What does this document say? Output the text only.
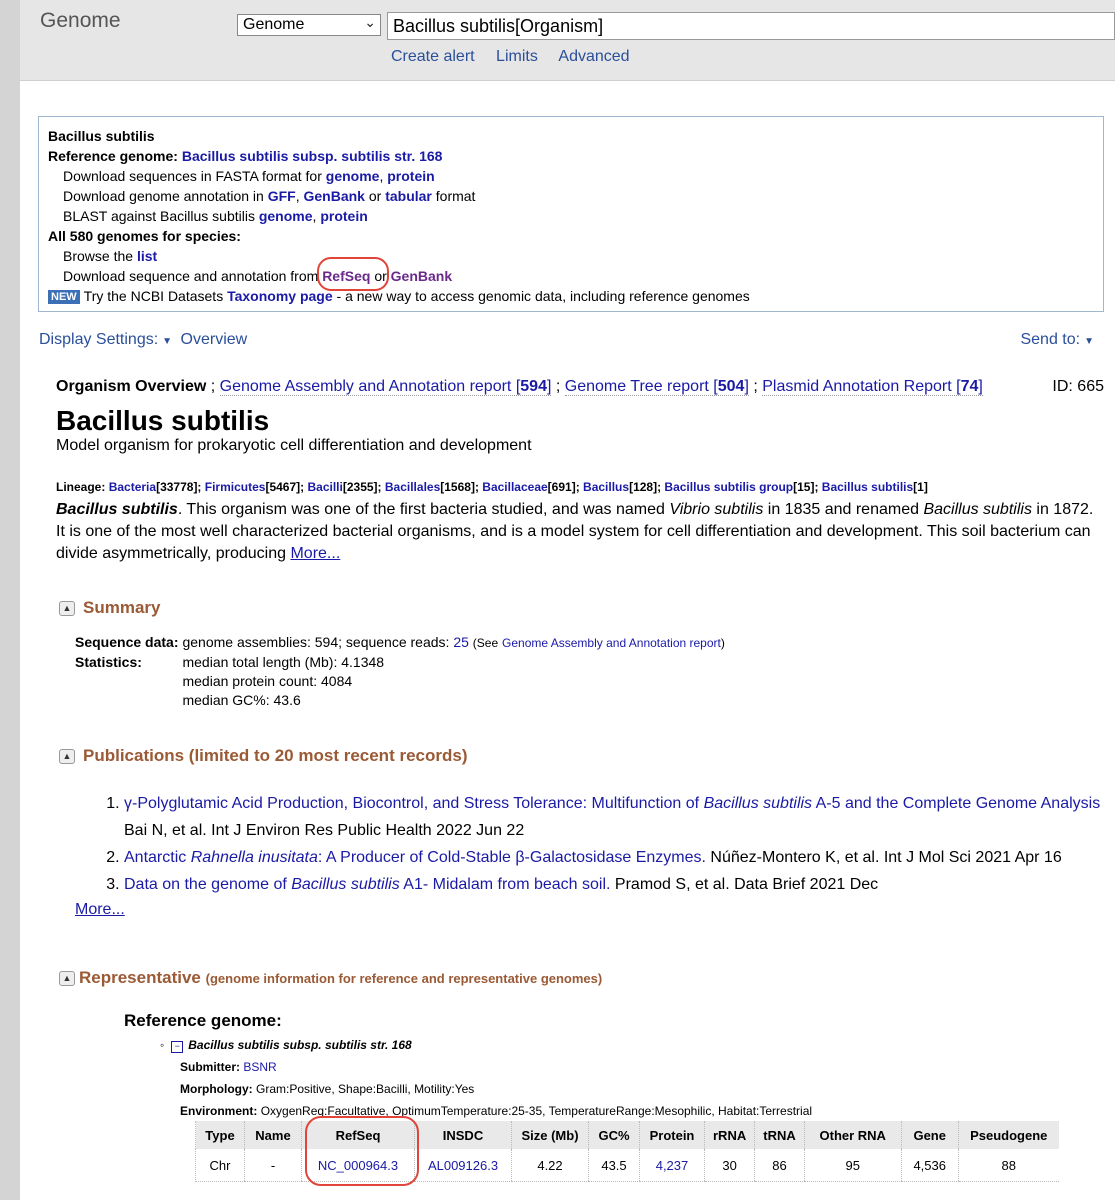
Genome	Genome	⌄ Bacillus subtilis[Organism]
Create alert Limits Advanced
Bacillus subtilis
Reference genome: Bacillus subtilis subsp. subtilis str. 168
Download sequences in FASTA format for genome, protein
Download genome annotation in GFF, GenBank or tabular format
BLAST against Bacillus subtilis genome, protein
All 580 genomes for species:
Browse the list
Download sequence and annotation from RefSeq or GenBank
NEW Try the NCBI Datasets Taxonomy page - a new way to access genomic data, including reference genomes
Display Settings: ▼ Overview	Send to: ▼
Organism Overview ; Genome Assembly and Annotation report [594] ; Genome Tree report [504] ; Plasmid Annotation Report [74]	ID: 665
Bacillus subtilis
Model organism for prokaryotic cell differentiation and development
Lineage: Bacteria[33778]; Firmicutes[5467]; Bacilli[2355]; Bacillales[1568]; Bacillaceae[691]; Bacillus[128]; Bacillus subtilis group[15]; Bacillus subtilis[1]
Bacillus subtilis. This organism was one of the first bacteria studied, and was named Vibrio subtilis in 1835 and renamed Bacillus subtilis in 1872. It is one of the most well characterized bacterial organisms, and is a model system for cell differentiation and development. This soil bacterium can divide asymmetrically, producing More...
▲ Summary
Sequence data:	genome assemblies: 594; sequence reads: 25 (See Genome Assembly and Annotation report)
Statistics:	median total length (Mb): 4.1348
	median protein count: 4084
	median GC%: 43.6
▲ Publications (limited to 20 most recent records)
1. γ-Polyglutamic Acid Production, Biocontrol, and Stress Tolerance: Multifunction of Bacillus subtilis A-5 and the Complete Genome Analysis
Bai N, et al. Int J Environ Res Public Health 2022 Jun 22
2. Antarctic Rahnella inusitata: A Producer of Cold-Stable β-Galactosidase Enzymes. Núñez-Montero K, et al. Int J Mol Sci 2021 Apr 16
3. Data on the genome of Bacillus subtilis A1- Midalam from beach soil. Pramod S, et al. Data Brief 2021 Dec
More...
▲ Representative (genome information for reference and representative genomes)
Reference genome:
◦ − Bacillus subtilis subsp. subtilis str. 168
Submitter: BSNR
Morphology: Gram:Positive, Shape:Bacilli, Motility:Yes
Environment: OxygenReq:Facultative, OptimumTemperature:25-35, TemperatureRange:Mesophilic, Habitat:Terrestrial
Type	Name	RefSeq	INSDC	Size (Mb)	GC%	Protein	rRNA	tRNA	Other RNA	Gene	Pseudogene
Chr	-	NC_000964.3	AL009126.3	4.22	43.5	4,237	30	86	95	4,536	88
